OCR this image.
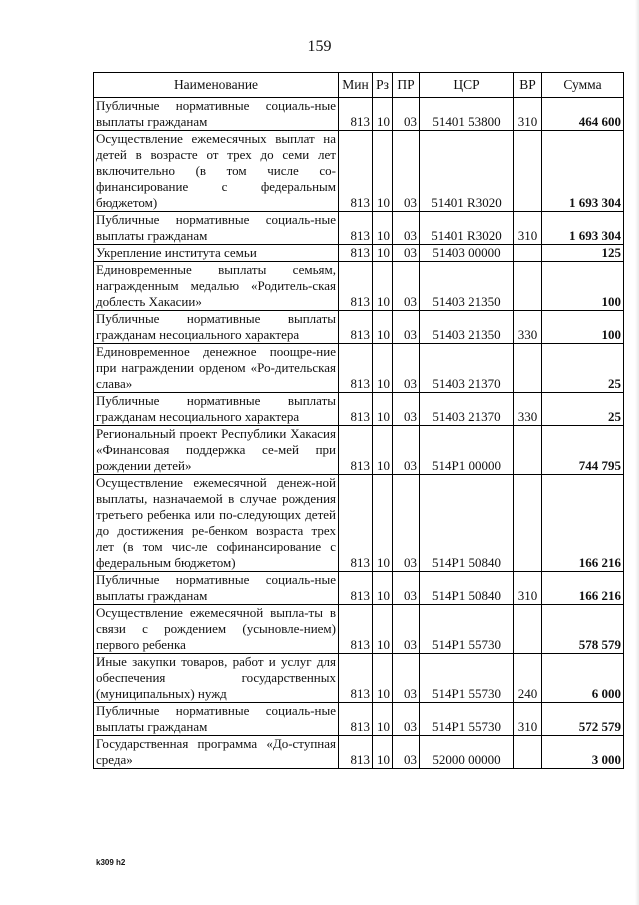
159
Наименование	Мин	Рз	ПР	ЦСР	ВР	Сумма
Публичные нормативные социаль-ные выплаты гражданам	813	10	03	51401 53800	310	464 600
Осуществление ежемесячных выплат на детей в возрасте от трех до семи лет включительно (в том числе со-финансирование с федеральным бюджетом)	813	10	03	51401 R3020		1 693 304
Публичные нормативные социаль-ные выплаты гражданам	813	10	03	51401 R3020	310	1 693 304
Укрепление института семьи	813	10	03	51403 00000		125
Единовременные выплаты семьям, награжденным медалью «Родитель-ская доблесть Хакасии»	813	10	03	51403 21350		100
Публичные нормативные выплаты гражданам несоциального характера	813	10	03	51403 21350	330	100
Единовременное денежное поощре-ние при награждении орденом «Ро-дительская слава»	813	10	03	51403 21370		25
Публичные нормативные выплаты гражданам несоциального характера	813	10	03	51403 21370	330	25
Региональный проект Республики Хакасия «Финансовая поддержка се-мей при рождении детей»	813	10	03	514P1 00000		744 795
Осуществление ежемесячной денеж-ной выплаты, назначаемой в случае рождения третьего ребенка или по-следующих детей до достижения ре-бенком возраста трех лет (в том чис-ле софинансирование с федеральным бюджетом)	813	10	03	514P1 50840		166 216
Публичные нормативные социаль-ные выплаты гражданам	813	10	03	514P1 50840	310	166 216
Осуществление ежемесячной выпла-ты в связи с рождением (усыновле-нием) первого ребенка	813	10	03	514P1 55730		578 579
Иные закупки товаров, работ и услуг для обеспечения государственных (муниципальных) нужд	813	10	03	514P1 55730	240	6 000
Публичные нормативные социаль-ные выплаты гражданам	813	10	03	514P1 55730	310	572 579
Государственная программа «До-ступная среда»	813	10	03	52000 00000		3 000
k309 h2
